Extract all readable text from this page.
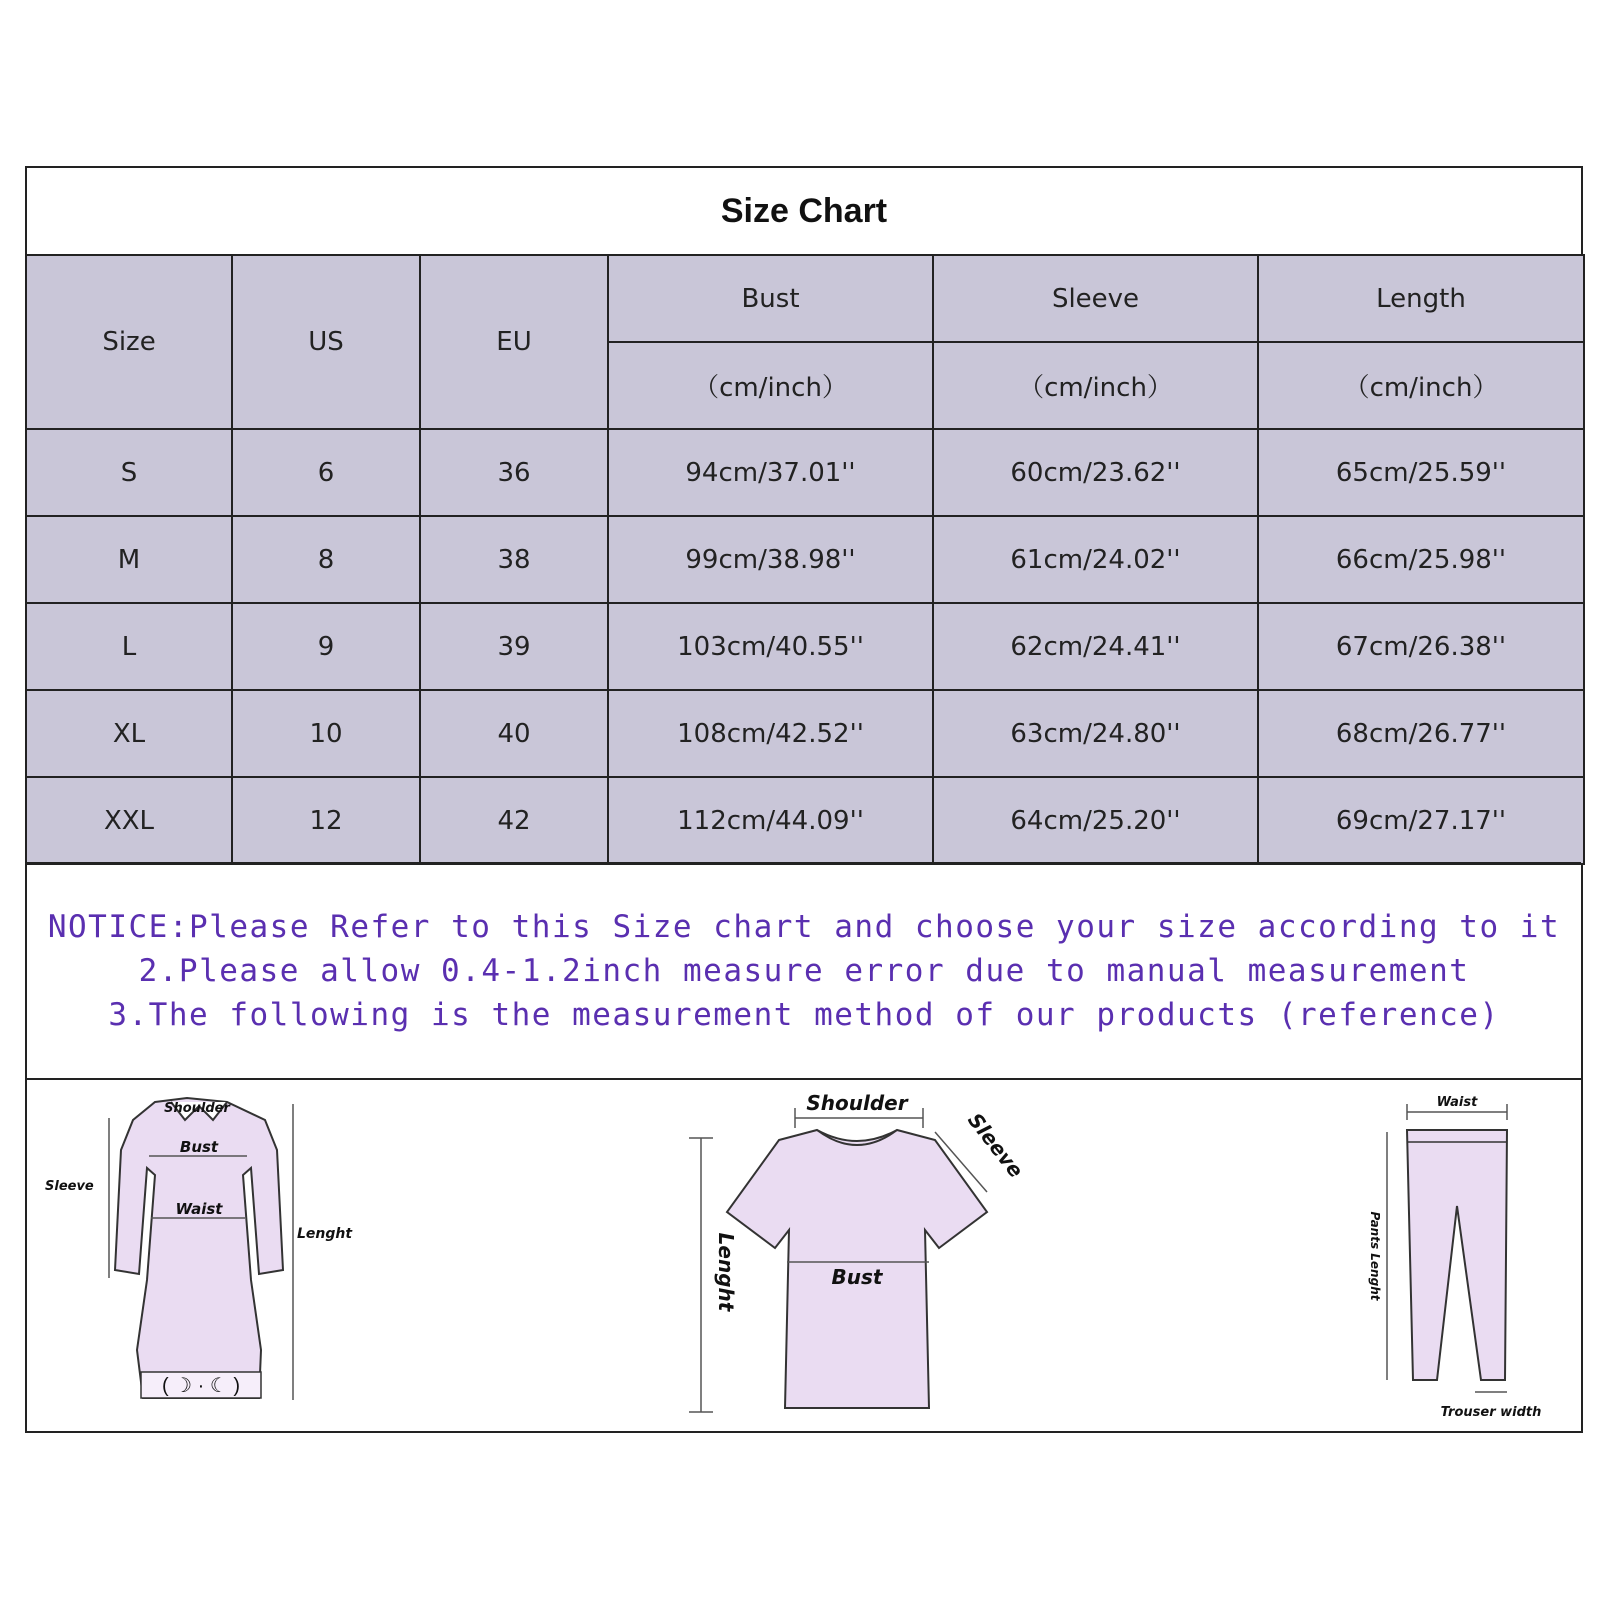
Size Chart
Size	US	EU	Bust	Sleeve	Length
			（cm/inch）	（cm/inch）	（cm/inch）
S	6	36	94cm/37.01''	60cm/23.62''	65cm/25.59''
M	8	38	99cm/38.98''	61cm/24.02''	66cm/25.98''
L	9	39	103cm/40.55''	62cm/24.41''	67cm/26.38''
XL	10	40	108cm/42.52''	63cm/24.80''	68cm/26.77''
XXL	12	42	112cm/44.09''	64cm/25.20''	69cm/27.17''
NOTICE:Please Refer to this Size chart and choose your size according to it
2.Please allow 0.4-1.2inch measure error due to manual measurement
3.The following is the measurement method of our products (reference)
( ☽ · ☾ )
Shoulder
Bust
Waist
Sleeve
Lenght
Shoulder
Bust
Sleeve
Lenght
Waist
Pants Lenght
Trouser width
